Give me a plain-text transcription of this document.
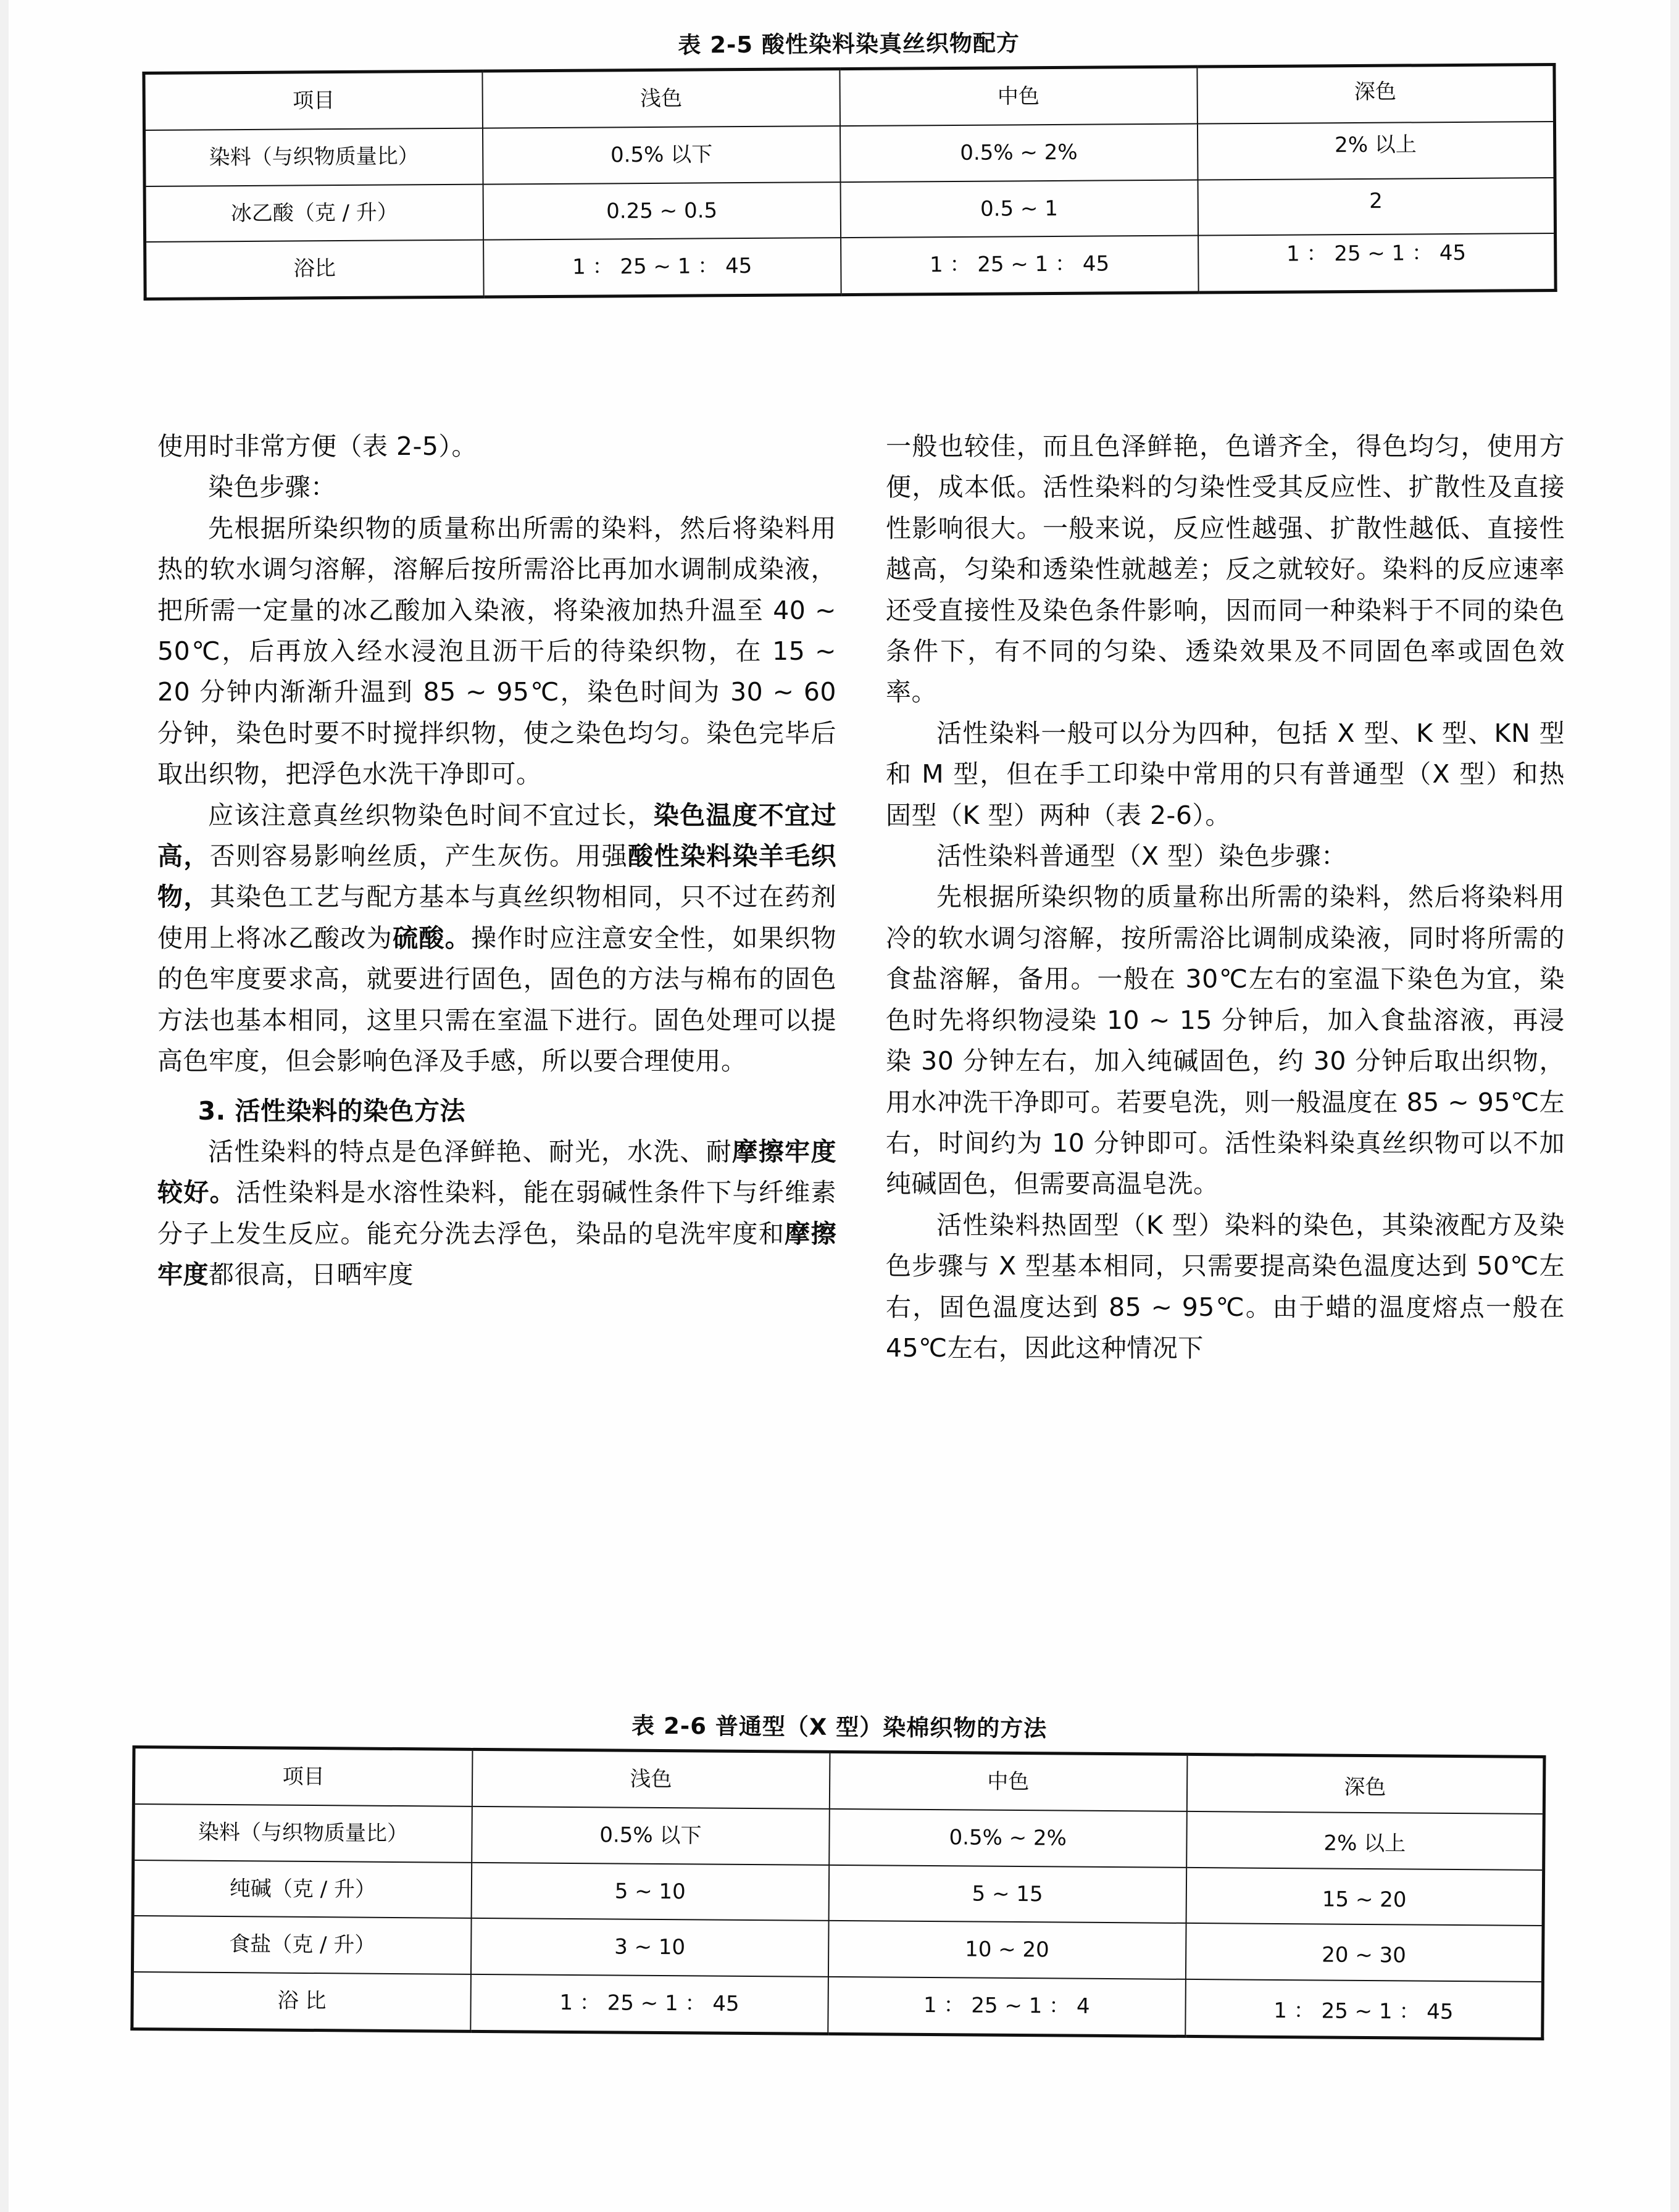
表 2-5 酸性染料染真丝织物配方
项目	浅色	中色	深色
染料（与织物质量比）	0.5% 以下	0.5% ~ 2%	2% 以上
冰乙酸（克 / 升）	0.25 ~ 0.5	0.5 ~ 1	2
浴比	1 ： 25 ~ 1 ： 45	1 ： 25 ~ 1 ： 45	1 ： 25 ~ 1 ： 45

使用时非常方便（表 2-5）。

染色步骤：

先根据所染织物的质量称出所需的染料，然后将染料用热的软水调匀溶解，溶解后按所需浴比再加水调制成染液，把所需一定量的冰乙酸加入染液，将染液加热升温至 40 ~ 50℃，后再放入经水浸泡且沥干后的待染织物，在 15 ~ 20 分钟内渐渐升温到 85 ~ 95℃，染色时间为 30 ~ 60 分钟，染色时要不时搅拌织物，使之染色均匀。染色完毕后取出织物，把浮色水洗干净即可。

应该注意真丝织物染色时间不宜过长，染色温度不宜过高，否则容易影响丝质，产生灰伤。用强酸性染料染羊毛织物，其染色工艺与配方基本与真丝织物相同，只不过在药剂使用上将冰乙酸改为硫酸。操作时应注意安全性，如果织物的色牢度要求高，就要进行固色，固色的方法与棉布的固色方法也基本相同，这里只需在室温下进行。固色处理可以提高色牢度，但会影响色泽及手感，所以要合理使用。

3. 活性染料的染色方法

活性染料的特点是色泽鲜艳、耐光，水洗、耐摩擦牢度较好。活性染料是水溶性染料，能在弱碱性条件下与纤维素分子上发生反应。能充分洗去浮色，染品的皂洗牢度和摩擦牢度都很高，日晒牢度

一般也较佳，而且色泽鲜艳，色谱齐全，得色均匀，使用方便，成本低。活性染料的匀染性受其反应性、扩散性及直接性影响很大。一般来说，反应性越强、扩散性越低、直接性越高，匀染和透染性就越差；反之就较好。染料的反应速率还受直接性及染色条件影响，因而同一种染料于不同的染色条件下，有不同的匀染、透染效果及不同固色率或固色效率。

活性染料一般可以分为四种，包括 X 型、K 型、KN 型和 M 型，但在手工印染中常用的只有普通型（X 型）和热固型（K 型）两种（表 2-6）。

活性染料普通型（X 型）染色步骤：

先根据所染织物的质量称出所需的染料，然后将染料用冷的软水调匀溶解，按所需浴比调制成染液，同时将所需的食盐溶解，备用。一般在 30℃左右的室温下染色为宜，染色时先将织物浸染 10 ~ 15 分钟后，加入食盐溶液，再浸染 30 分钟左右，加入纯碱固色，约 30 分钟后取出织物，用水冲洗干净即可。若要皂洗，则一般温度在 85 ~ 95℃左右，时间约为 10 分钟即可。活性染料染真丝织物可以不加纯碱固色，但需要高温皂洗。

活性染料热固型（K 型）染料的染色，其染液配方及染色步骤与 X 型基本相同，只需要提高染色温度达到 50℃左右，固色温度达到 85 ~ 95℃。由于蜡的温度熔点一般在 45℃左右，因此这种情况下

表 2-6 普通型（X 型）染棉织物的方法
项目	浅色	中色	深色
染料（与织物质量比）	0.5% 以下	0.5% ~ 2%	2% 以上
纯碱（克 / 升）	5 ~ 10	5 ~ 15	15 ~ 20
食盐（克 / 升）	3 ~ 10	10 ~ 20	20 ~ 30
浴 比	1 ： 25 ~ 1 ： 45	1 ： 25 ~ 1 ： 4	1 ： 25 ~ 1 ： 45
